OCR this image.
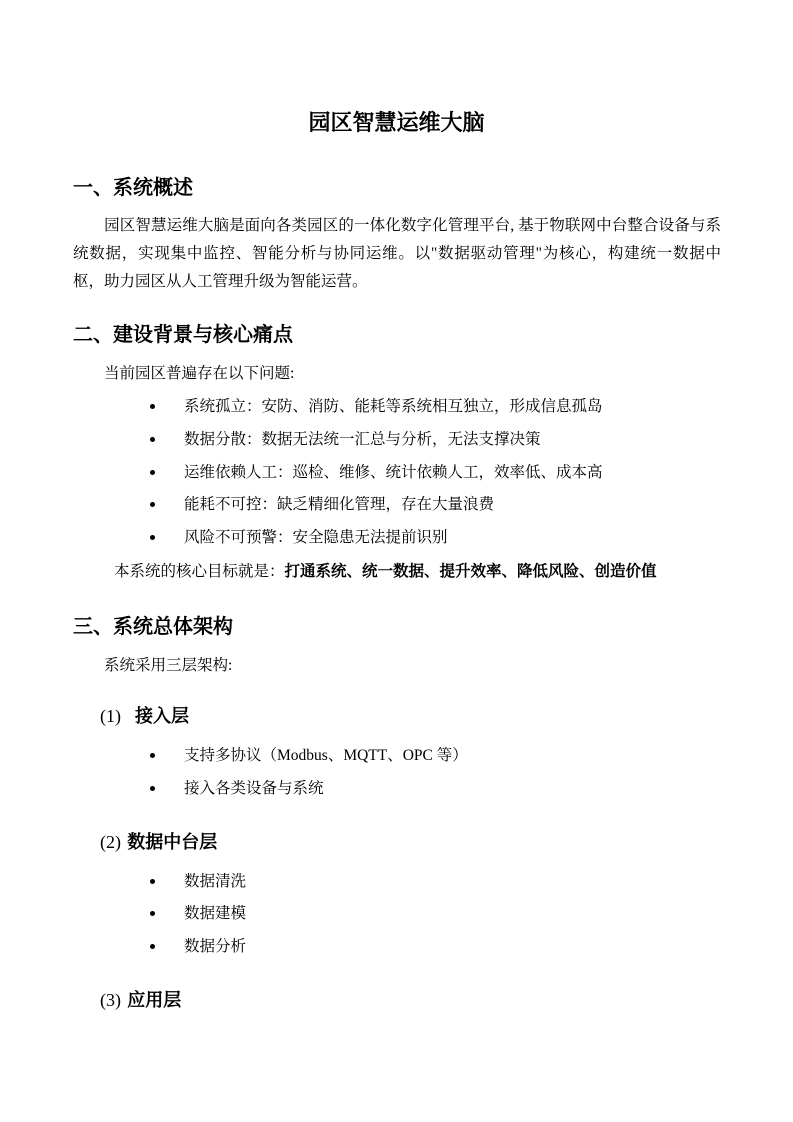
园区智慧运维大脑
一、系统概述

园区智慧运维大脑是面向各类园区的一体化数字化管理平台, 基于物联网中台整合设备与系统数据，实现集中监控、智能分析与协同运维。以"数据驱动管理"为核心，构建统一数据中枢，助力园区从人工管理升级为智能运营。

二、建设背景与核心痛点

当前园区普遍存在以下问题:

系统孤立：安防、消防、能耗等系统相互独立，形成信息孤岛
数据分散：数据无法统一汇总与分析，无法支撑决策
运维依赖人工：巡检、维修、统计依赖人工，效率低、成本高
能耗不可控：缺乏精细化管理，存在大量浪费
风险不可预警：安全隐患无法提前识别

本系统的核心目标就是：打通系统、统一数据、提升效率、降低风险、创造价值

三、系统总体架构

系统采用三层架构:

(1) 接入层
支持多协议（Modbus、MQTT、OPC 等）
接入各类设备与系统
(2) 数据中台层
数据清洗
数据建模
数据分析
(3) 应用层
